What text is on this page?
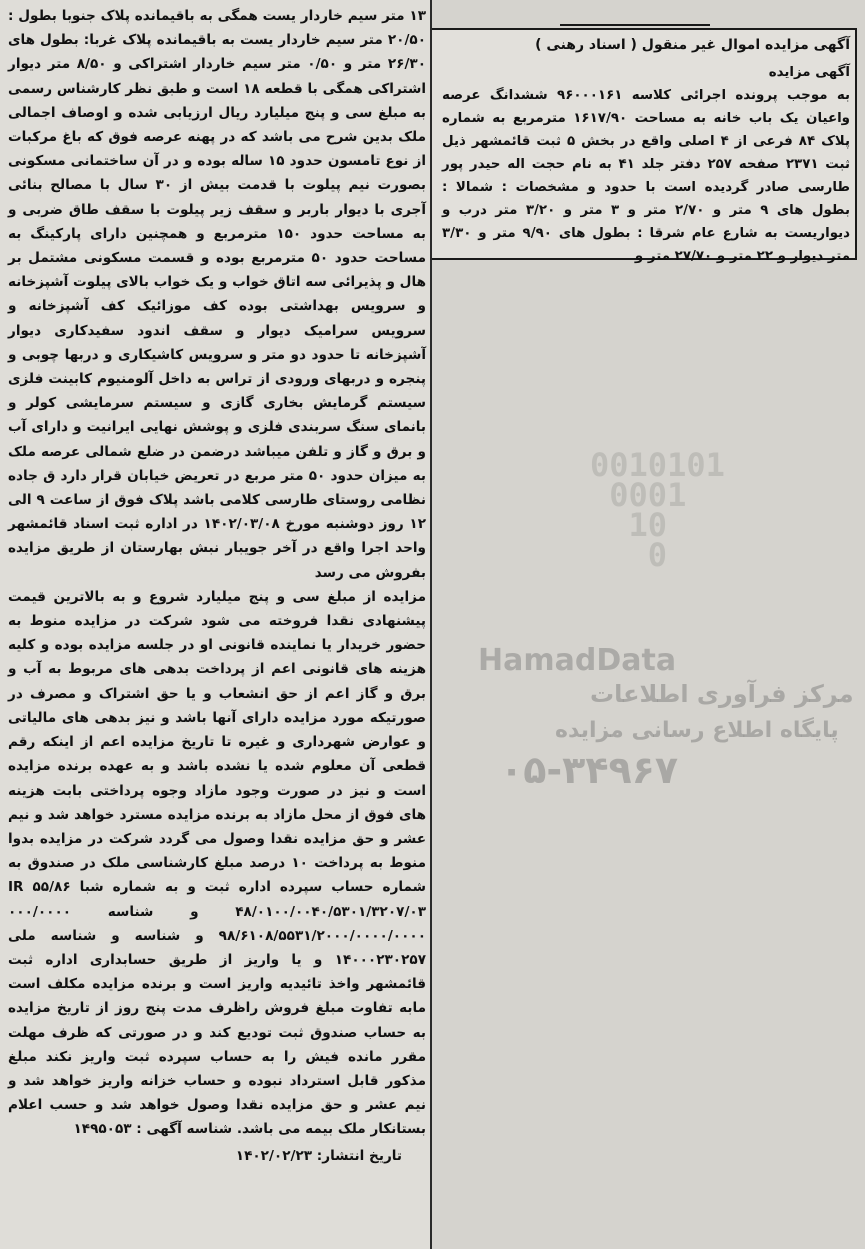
۱۳ متر سیم خاردار یست همگی به باقیمانده پلاک جنوبا بطول : ۲۰/۵۰ متر سیم خاردار یست به باقیمانده پلاک غربا: بطول های ۲۶/۳۰ متر و ۰/۵۰ متر سیم خاردار اشتراکی و ۸/۵۰ متر دیوار اشتراکی همگی با قطعه ۱۸ است و طبق نظر کارشناس رسمی به مبلغ سی و پنج میلیارد ریال ارزیابی شده و اوصاف اجمالی ملک بدین شرح می باشد که در پهنه عرصه فوق که باغ مرکبات از نوع تامسون حدود ۱۵ ساله بوده و در آن ساختمانی مسکونی بصورت نیم پیلوت با قدمت بیش از ۳۰ سال با مصالح بنائی آجری با دیوار باربر و سقف زیر پیلوت با سقف طاق ضربی و به مساحت حدود ۱۵۰ مترمربع و همچنین دارای پارکینگ به مساحت حدود ۵۰ مترمربع بوده و قسمت مسکونی مشتمل بر هال و پذیرائی سه اتاق خواب و یک خواب بالای پیلوت آشپزخانه و سرویس بهداشتی بوده کف موزائیک کف آشپزخانه و سرویس سرامیک دیوار و سقف اندود سفیدکاری دیوار آشپزخانه تا حدود دو متر و سرویس کاشیکاری و دربها چوبی و پنجره و دربهای ورودی از تراس به داخل آلومنیوم کابینت فلزی سیستم گرمایش بخاری گازی و سیستم سرمایشی کولر و بانمای سنگ سربندی فلزی و پوشش نهایی ایرانیت و دارای آب و برق و گاز و تلفن میباشد درضمن در ضلع شمالی عرصه ملک به میزان حدود ۵۰ متر مربع در تعریض خیابان قرار دارد ق جاده نظامی روستای طارسی کلامی باشد پلاک فوق از ساعت ۹ الی ۱۲ روز دوشنبه مورخ ۱۴۰۲/۰۳/۰۸ در اداره ثبت اسناد قائمشهر واحد اجرا واقع در آخر جویبار نبش بهارستان از طریق مزایده بفروش می رسد

مزایده از مبلغ سی و پنج میلیارد شروع و به بالاترین قیمت پیشنهادی نقدا فروخته می شود شرکت در مزایده منوط به حضور خریدار یا نماینده قانونی او در جلسه مزایده بوده و کلیه هزینه های قانونی اعم از پرداخت بدهی های مربوط به آب و برق و گاز اعم از حق انشعاب و یا حق اشتراک و مصرف در صورتیکه مورد مزایده دارای آنها باشد و نیز بدهی های مالیاتی و عوارض شهرداری و غیره تا تاریخ مزایده اعم از اینکه رقم قطعی آن معلوم شده یا نشده باشد و به عهده برنده مزایده است و نیز در صورت وجود مازاد وجوه پرداختی بابت هزینه های فوق از محل مازاد به برنده مزایده مسترد خواهد شد و نیم عشر و حق مزایده نقدا وصول می گردد شرکت در مزایده بدوا منوط به پرداخت ۱۰ درصد مبلغ کارشناسی ملک در صندوق به شماره حساب سپرده اداره ثبت و به شماره شبا ۵۵/۸۶ IR ۴۸/۰۱۰۰/۰۰۴۰/۵۳۰۱/۳۲۰۷/۰۳ و شناسه ۰۰۰/۰۰۰۰ ۹۸/۶۱۰۸/۵۵۳۱/۲۰۰۰/۰۰۰۰/۰۰۰۰ و شناسه و شناسه ملی ۱۴۰۰۰۲۳۰۲۵۷ و یا واریز از طریق حسابداری اداره ثبت قائمشهر واخذ تائیدیه واریز است و برنده مزایده مکلف است مابه تفاوت مبلغ فروش راظرف مدت پنج روز از تاریخ مزایده به حساب صندوق ثبت تودیع کند و در صورتی که ظرف مهلت مقرر مانده فیش را به حساب سپرده ثبت واریز نکند مبلغ مذکور قابل استرداد نبوده و حساب خزانه واریز خواهد شد و نیم عشر و حق مزایده نقدا وصول خواهد شد و حسب اعلام بستانکار ملک بیمه می باشد. شناسه آگهی : ۱۴۹۵۰۵۳

تاریخ انتشار: ۱۴۰۲/۰۲/۲۳

آگهی مزایده اموال غیر منقول ( اسناد رهنی )
آگهی مزایده
به موجب پرونده اجرائی کلاسه ۹۶۰۰۰۱۶۱ ششدانگ عرصه واعیان یک باب خانه به مساحت ۱۶۱۷/۹۰ مترمربع به شماره پلاک ۸۴ فرعی از ۴ اصلی واقع در بخش ۵ ثبت قائمشهر ذیل ثبت ۲۳۷۱ صفحه ۲۵۷ دفتر جلد ۴۱ به نام حجت اله حیدر پور طارسی صادر گردیده است با حدود و مشخصات : شمالا : بطول های ۹ متر و ۲/۷۰ متر و ۳ متر و ۳/۲۰ متر درب و دیواریست به شارع عام شرقا : بطول های ۹/۹۰ متر و ۳/۳۰ متر دیوار و ۲۲ متر و ۲۷/۷۰ متر و
0010101
0001
10
0
HamadData
مرکز فرآوری اطلاعات
پایگاه اطلاع رسانی مزایده
۰۵-۳۴۹۶۷
